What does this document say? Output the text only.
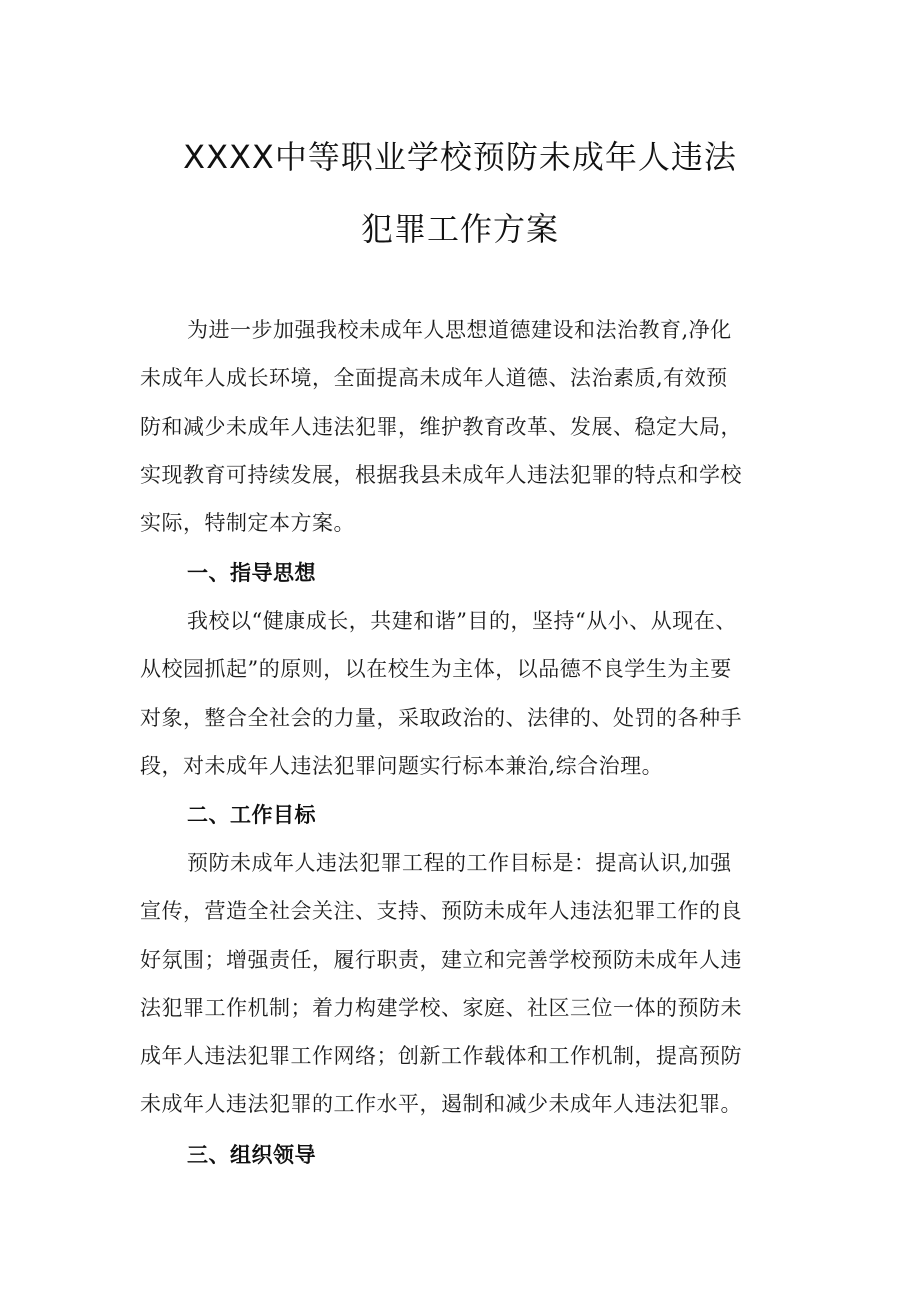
XXXX中等职业学校预防未成年人违法
犯罪工作方案

为进一步加强我校未成年人思想道德建设和法治教育,净化
未成年人成长环境，全面提高未成年人道德、法治素质,有效预
防和减少未成年人违法犯罪，维护教育改革、发展、稳定大局，
实现教育可持续发展，根据我县未成年人违法犯罪的特点和学校
实际，特制定本方案。

一、指导思想

我校以“健康成长，共建和谐”目的，坚持“从小、从现在、
从校园抓起”的原则，以在校生为主体，以品德不良学生为主要
对象，整合全社会的力量，采取政治的、法律的、处罚的各种手
段，对未成年人违法犯罪问题实行标本兼治,综合治理。

二、工作目标

预防未成年人违法犯罪工程的工作目标是：提高认识,加强
宣传，营造全社会关注、支持、预防未成年人违法犯罪工作的良
好氛围；增强责任，履行职责，建立和完善学校预防未成年人违
法犯罪工作机制；着力构建学校、家庭、社区三位一体的预防未
成年人违法犯罪工作网络；创新工作载体和工作机制，提高预防
未成年人违法犯罪的工作水平，遏制和减少未成年人违法犯罪。

三、组织领导
